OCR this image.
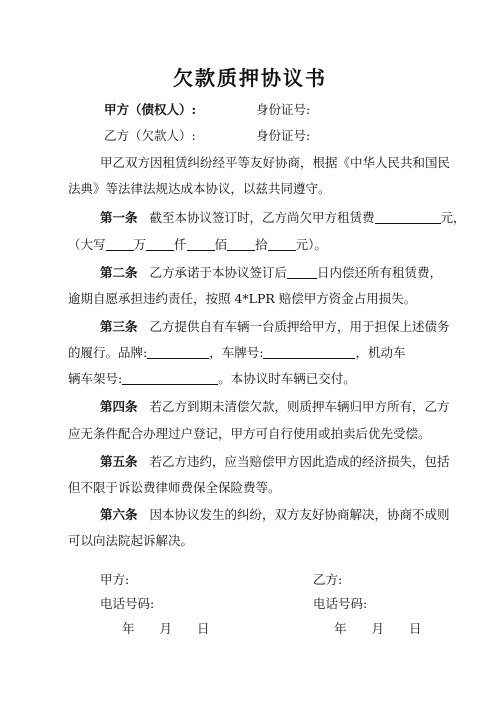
欠款质押协议书
甲方（债权人）:	身份证号:
乙方（欠款人）:	身份证号:
甲乙双方因租赁纠纷经平等友好协商，根据《中华人民共和国民
法典》等法律法规达成本协议，以兹共同遵守。
第一条 截至本协议签订时，乙方尚欠甲方租赁费	元，
（大写 万 仟 佰 拾 元）。
第二条 乙方承诺于本协议签订后 日内偿还所有租赁费，
逾期自愿承担违约责任，按照 4*LPR 赔偿甲方资金占用损失。
第三条 乙方提供自有车辆一台质押给甲方，用于担保上述债务
的履行。品牌:	，车牌号:	，机动车
辆车架号:	。本协议时车辆已交付。
第四条 若乙方到期未清偿欠款，则质押车辆归甲方所有，乙方
应无条件配合办理过户登记，甲方可自行使用或拍卖后优先受偿。
第五条 若乙方违约，应当赔偿甲方因此造成的经济损失，包括
但不限于诉讼费律师费保全保险费等。
第六条 因本协议发生的纠纷，双方友好协商解决，协商不成则
可以向法院起诉解决。
甲方:	乙方:
电话号码:	电话号码:
年　　月　　日	年　　月　　日
